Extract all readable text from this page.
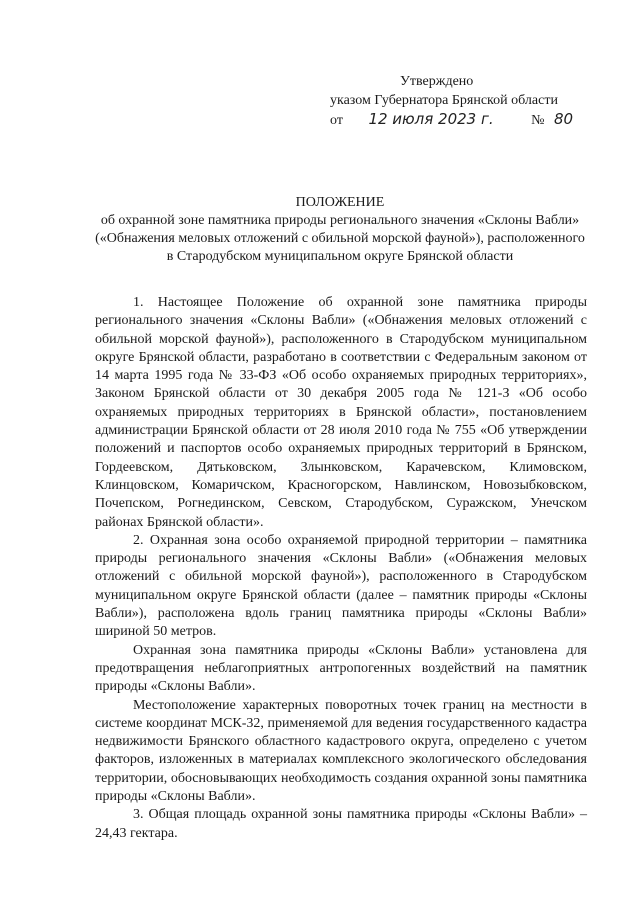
Утверждено
указом Губернатора Брянской области
от 12 июля 2023 г.	№ 80
ПОЛОЖЕНИЕ
об охранной зоне памятника природы регионального значения «Склоны Вабли» («Обнажения меловых отложений с обильной морской фауной»), расположенного в Стародубском муниципальном округе Брянской области

1. Настоящее Положение об охранной зоне памятника природы регионального значения «Склоны Вабли» («Обнажения меловых отложений с обильной морской фауной»), расположенного в Стародубском муниципальном округе Брянской области, разработано в соответствии с Федеральным законом от 14 марта 1995 года № 33-ФЗ «Об особо охраняемых природных территориях», Законом Брянской области от 30 декабря 2005 года № 121-З «Об особо охраняемых природных территориях в Брянской области», постановлением администрации Брянской области от 28 июля 2010 года № 755 «Об утверждении положений и паспортов особо охраняемых природных территорий в Брянском, Гордеевском, Дятьковском, Злынковском, Карачевском, Климовском, Клинцовском, Комаричском, Красногорском, Навлинском, Новозыбковском, Почепском, Рогнединском, Севском, Стародубском, Суражском, Унечском районах Брянской области».

2. Охранная зона особо охраняемой природной территории – памятника природы регионального значения «Склоны Вабли» («Обнажения меловых отложений с обильной морской фауной»), расположенного в Стародубском муниципальном округе Брянской области (далее – памятник природы «Склоны Вабли»), расположена вдоль границ памятника природы «Склоны Вабли» шириной 50 метров.

Охранная зона памятника природы «Склоны Вабли» установлена для предотвращения неблагоприятных антропогенных воздействий на памятник природы «Склоны Вабли».

Местоположение характерных поворотных точек границ на местности в системе координат МСК-32, применяемой для ведения государственного кадастра недвижимости Брянского областного кадастрового округа, определено с учетом факторов, изложенных в материалах комплексного экологического обследования территории, обосновывающих необходимость создания охранной зоны памятника природы «Склоны Вабли».

3. Общая площадь охранной зоны памятника природы «Склоны Вабли» – 24,43 гектара.
